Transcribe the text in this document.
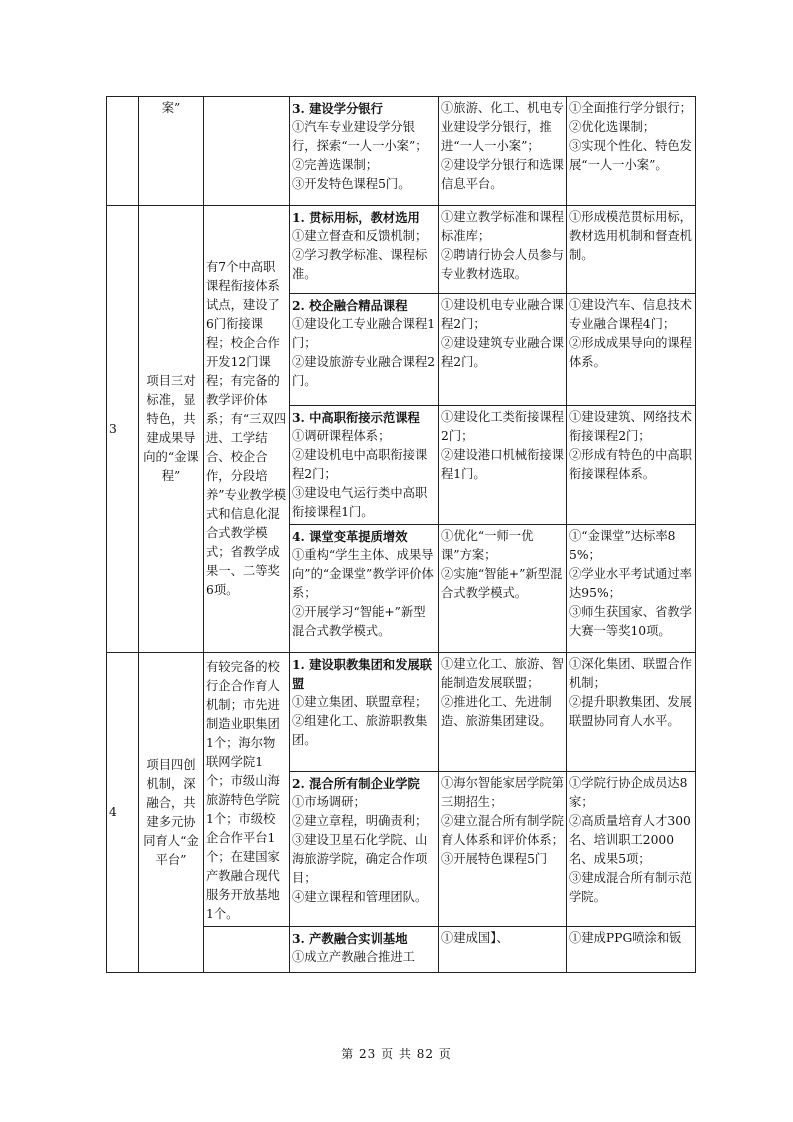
	案”		3. 建设学分银行
①汽车专业建设学分银行，探索“一人一小案”；
②完善选课制；
③开发特色课程5门。	①旅游、化工、机电专业建设学分银行，推进“一人一小案”；
②建设学分银行和选课信息平台。	①全面推行学分银行；
②优化选课制；
③实现个性化、特色发展“一人一小案”。

3	项目三对标准，显特色，共建成果导向的“金课程”	有7个中高职课程衔接体系试点，建设了6门衔接课程；校企合作开发12门课程；有完备的教学评价体系；有“三双四进、工学结合、校企合作，分段培养”专业教学模式和信息化混合式教学模式；省教学成果一、二等奖6项。	1. 贯标用标，教材选用
①建立督查和反馈机制；
②学习教学标准、课程标准。	①建立教学标准和课程标准库；
②聘请行协会人员参与专业教材选取。	①形成模范贯标用标，教材选用机制和督查机制。

			2. 校企融合精品课程
①建设化工专业融合课程1门；
②建设旅游专业融合课程2门。	①建设机电专业融合课程2门；
②建设建筑专业融合课程2门。	①建设汽车、信息技术专业融合课程4门；
②形成成果导向的课程体系。

			3. 中高职衔接示范课程
①调研课程体系；
②建设机电中高职衔接课程2门；
③建设电气运行类中高职衔接课程1门。	①建设化工类衔接课程2门；
②建设港口机械衔接课程1门。	①建设建筑、网络技术衔接课程2门；
②形成有特色的中高职衔接课程体系。

			4. 课堂变革提质增效
①重构“学生主体、成果导向”的“金课堂”教学评价体系；
②开展学习“智能+”新型混合式教学模式。	①优化“一师一优课”方案；
②实施“智能+”新型混合式教学模式。	①“金课堂”达标率85%；
②学业水平考试通过率达95%；
③师生获国家、省教学大赛一等奖10项。

4	项目四创机制，深融合，共建多元协同育人“金平台”	有较完备的校行企合作育人机制；市先进制造业职集团1个；海尔物联网学院1个；市级山海旅游特色学院1个；市级校企合作平台1个；在建国家产教融合现代服务开放基地1个。	1. 建设职教集团和发展联盟
①建立集团、联盟章程；
②组建化工、旅游职教集团。	①建立化工、旅游、智能制造发展联盟；
②推进化工、先进制造、旅游集团建设。	①深化集团、联盟合作机制；
②提升职教集团、发展联盟协同育人水平。

			2. 混合所有制企业学院
①市场调研；
②建立章程，明确责利；
③建设卫星石化学院、山海旅游学院，确定合作项目；
④建立课程和管理团队。	①海尔智能家居学院第三期招生；
②建立混合所有制学院育人体系和评价体系；
③开展特色课程5门	①学院行协企成员达8家；
②高质量培育人才300名、培训职工2000名、成果5项；
③建成混合所有制示范学院。

			3. 产教融合实训基地
①成立产教融合推进工	①建成国】、	①建成PPG喷涂和钣
第 23 页 共 82 页
